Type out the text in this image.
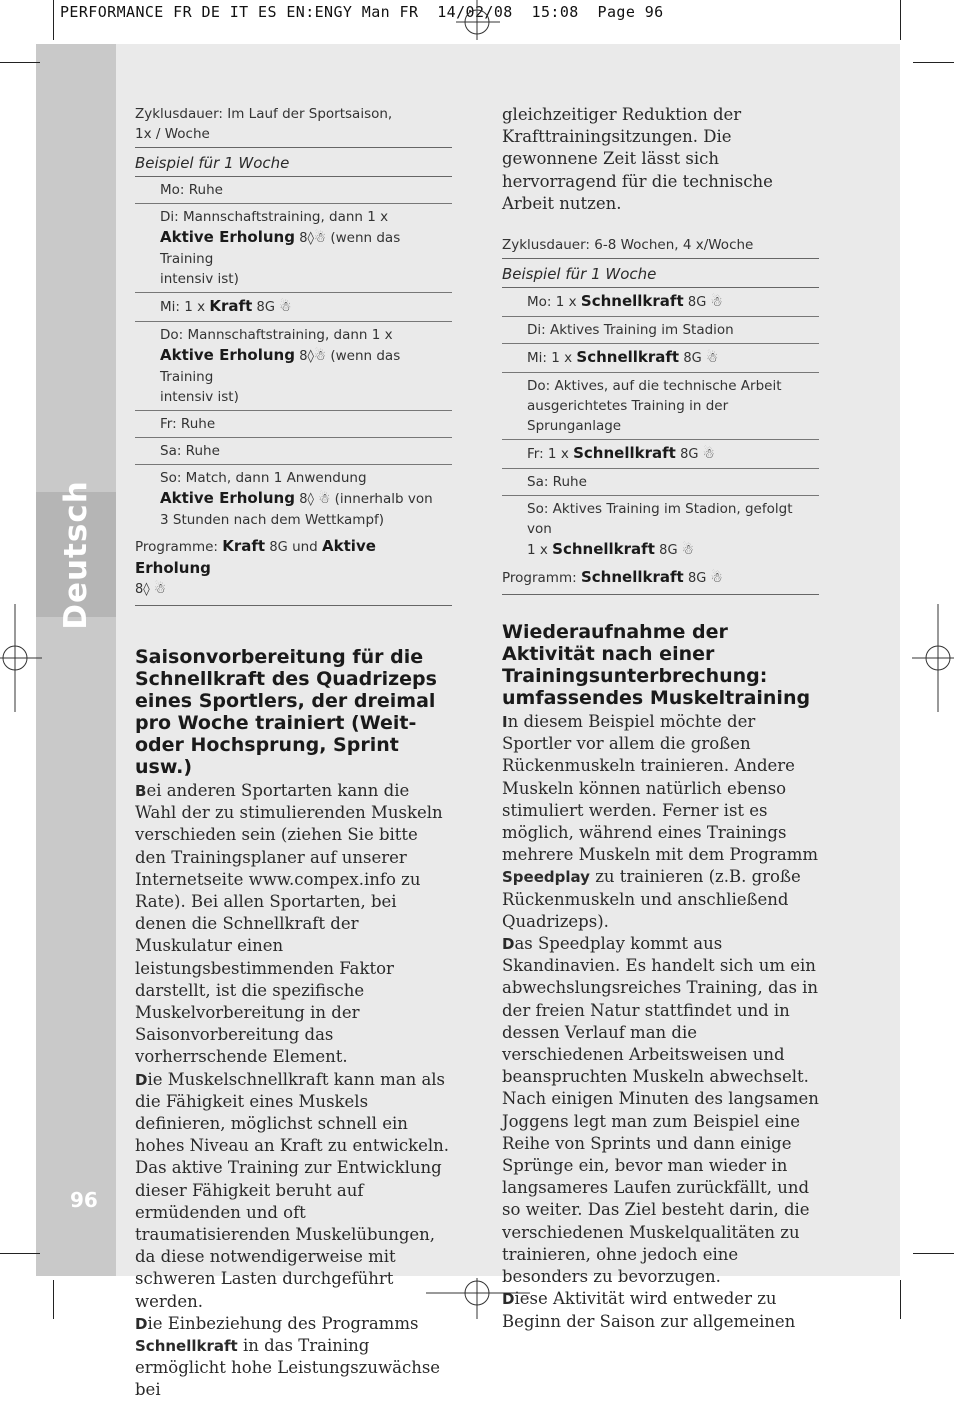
Deutsch
96
PERFORMANCE FR DE IT ES EN:ENGY Man FR  14/02/08  15:08  Page 96
Zyklusdauer: Im Lauf der Sportsaison,
1x / Woche
Beispiel für 1 Woche
Mo: Ruhe
Di: Mannschaftstraining, dann 1 x
Aktive Erholung 8◊☃ (wenn das Training
intensiv ist)
Mi: 1 x Kraft 8G ☃
Do: Mannschaftstraining, dann 1 x
Aktive Erholung 8◊☃ (wenn das Training
intensiv ist)
Fr: Ruhe
Sa: Ruhe
So: Match, dann 1 Anwendung
Aktive Erholung 8◊ ☃ (innerhalb von
3 Stunden nach dem Wettkampf)
Programme: Kraft 8G und Aktive Erholung
8◊ ☃
Saisonvorbereitung für die Schnellkraft des Quadrizeps eines Sportlers, der dreimal pro Woche trainiert (Weit- oder Hochsprung, Sprint usw.)

Bei anderen Sportarten kann die Wahl der zu stimulierenden Muskeln verschieden sein (ziehen Sie bitte den Trainingsplaner auf unserer Internetseite www.compex.info zu Rate). Bei allen Sportarten, bei denen die Schnellkraft der Muskulatur einen leistungsbestimmenden Faktor darstellt, ist die spezifische Muskelvorbereitung in der Saisonvorbereitung das vorherrschende Element.

Die Muskelschnellkraft kann man als die Fähigkeit eines Muskels definieren, möglichst schnell ein hohes Niveau an Kraft zu entwickeln. Das aktive Training zur Entwicklung dieser Fähigkeit beruht auf ermüdenden und oft traumatisierenden Muskelübungen, da diese notwendigerweise mit schweren Lasten durchgeführt werden.

Die Einbeziehung des Programms Schnellkraft in das Training ermöglicht hohe Leistungszuwächse bei

gleichzeitiger Reduktion der Krafttrainingsitzungen. Die gewonnene Zeit lässt sich hervorragend für die technische Arbeit nutzen.
Zyklusdauer: 6-8 Wochen, 4 x/Woche
Beispiel für 1 Woche
Mo: 1 x Schnellkraft 8G ☃
Di: Aktives Training im Stadion
Mi: 1 x Schnellkraft 8G ☃
Do: Aktives, auf die technische Arbeit
ausgerichtetes Training in der Sprunganlage
Fr: 1 x Schnellkraft 8G ☃
Sa: Ruhe
So: Aktives Training im Stadion, gefolgt von
1 x Schnellkraft 8G ☃
Programm: Schnellkraft 8G ☃
Wiederaufnahme der Aktivität nach einer Trainingsunterbrechung: umfassendes Muskeltraining

In diesem Beispiel möchte der Sportler vor allem die großen Rückenmuskeln trainieren. Andere Muskeln können natürlich ebenso stimuliert werden. Ferner ist es möglich, während eines Trainings mehrere Muskeln mit dem Programm Speedplay zu trainieren (z.B. große Rückenmuskeln und anschließend Quadrizeps).

Das Speedplay kommt aus Skandinavien. Es handelt sich um ein abwechslungsreiches Training, das in der freien Natur stattfindet und in dessen Verlauf man die verschiedenen Arbeitsweisen und beanspruchten Muskeln abwechselt. Nach einigen Minuten des langsamen Joggens legt man zum Beispiel eine Reihe von Sprints und dann einige Sprünge ein, bevor man wieder in langsameres Laufen zurückfällt, und so weiter. Das Ziel besteht darin, die verschiedenen Muskelqualitäten zu trainieren, ohne jedoch eine besonders zu bevorzugen.

Diese Aktivität wird entweder zu Beginn der Saison zur allgemeinen
